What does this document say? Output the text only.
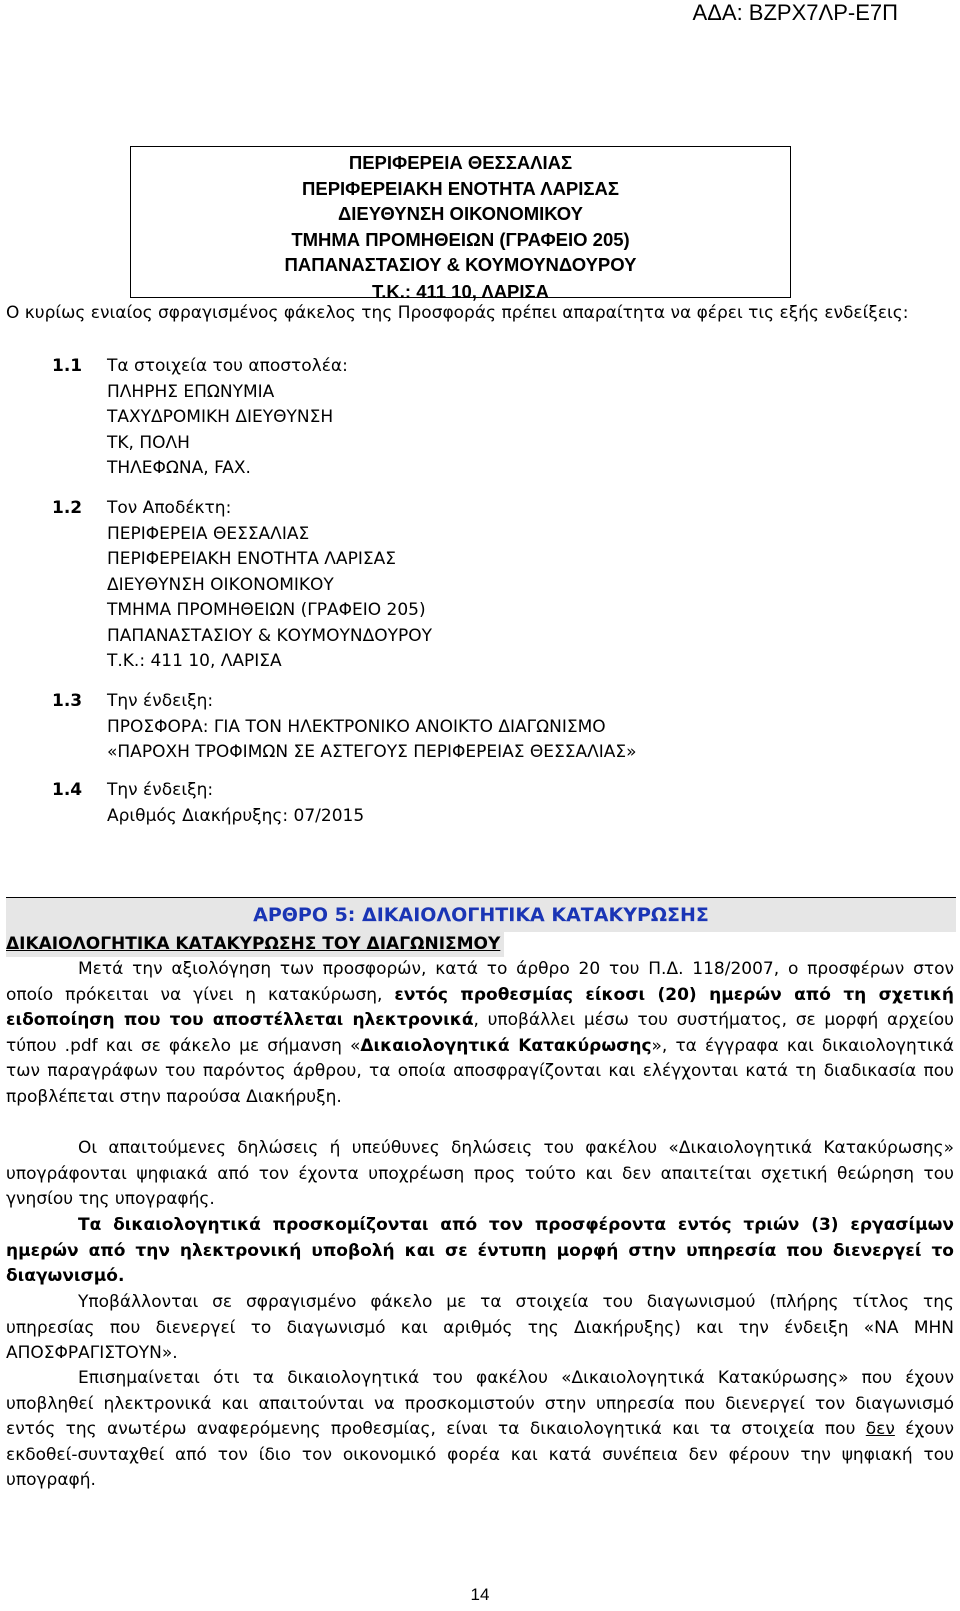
ΑΔΑ: ΒΖΡΧ7ΛΡ-Ε7Π
ΠΕΡΙΦΕΡΕΙΑ ΘΕΣΣΑΛΙΑΣ
ΠΕΡΙΦΕΡΕΙΑΚΗ ΕΝΟΤΗΤΑ ΛΑΡΙΣΑΣ
ΔΙΕΥΘΥΝΣΗ ΟΙΚΟΝΟΜΙΚΟΥ
ΤΜΗΜΑ ΠΡΟΜΗΘΕΙΩΝ (ΓΡΑΦΕΙΟ 205)
ΠΑΠΑΝΑΣΤΑΣΙΟΥ & ΚΟΥΜΟΥΝΔΟΥΡΟΥ
Τ.Κ.: 411 10, ΛΑΡΙΣΑ
Ο κυρίως ενιαίος σφραγισμένος φάκελος της Προσφοράς πρέπει απαραίτητα να φέρει τις εξής ενδείξεις:
1.1	Τα στοιχεία του αποστολέα:
ΠΛΗΡΗΣ ΕΠΩΝΥΜΙΑ
ΤΑΧΥΔΡΟΜΙΚΗ ΔΙΕΥΘΥΝΣΗ
ΤΚ, ΠΟΛΗ
ΤΗΛΕΦΩΝΑ, FAX.
1.2	Τον Αποδέκτη:
ΠΕΡΙΦΕΡΕΙΑ ΘΕΣΣΑΛΙΑΣ
ΠΕΡΙΦΕΡΕΙΑΚΗ ΕΝΟΤΗΤΑ ΛΑΡΙΣΑΣ
ΔΙΕΥΘΥΝΣΗ ΟΙΚΟΝΟΜΙΚΟΥ
ΤΜΗΜΑ ΠΡΟΜΗΘΕΙΩΝ (ΓΡΑΦΕΙΟ 205)
ΠΑΠΑΝΑΣΤΑΣΙΟΥ & ΚΟΥΜΟΥΝΔΟΥΡΟΥ
Τ.Κ.: 411 10, ΛΑΡΙΣΑ
1.3	Την ένδειξη:
ΠΡΟΣΦΟΡΑ: ΓΙΑ ΤΟΝ ΗΛΕΚΤΡΟΝΙΚΟ ΑΝΟΙΚΤΟ ΔΙΑΓΩΝΙΣΜΟ
«ΠΑΡΟΧΗ ΤΡΟΦΙΜΩΝ ΣΕ ΑΣΤΕΓΟΥΣ ΠΕΡΙΦΕΡΕΙΑΣ ΘΕΣΣΑΛΙΑΣ»
1.4	Την ένδειξη:
Αριθμός Διακήρυξης: 07/2015
ΑΡΘΡΟ 5: ΔΙΚΑΙΟΛΟΓΗΤΙΚΑ ΚΑΤΑΚΥΡΩΣΗΣ
ΔΙΚΑΙΟΛΟΓΗΤΙΚΑ ΚΑΤΑΚΥΡΩΣΗΣ ΤΟΥ ΔΙΑΓΩΝΙΣΜΟΥ
Μετά την αξιολόγηση των προσφορών, κατά το άρθρο 20 του Π.Δ. 118/2007, ο προσφέρων στον οποίο πρόκειται να γίνει η κατακύρωση, εντός προθεσμίας είκοσι (20) ημερών από τη σχετική ειδοποίηση που του αποστέλλεται ηλεκτρονικά, υποβάλλει μέσω του συστήματος, σε μορφή αρχείου τύπου .pdf και σε φάκελο με σήμανση «Δικαιολογητικά Κατακύρωσης», τα έγγραφα και δικαιολογητικά των παραγράφων του παρόντος άρθρου, τα οποία αποσφραγίζονται και ελέγχονται κατά τη διαδικασία που προβλέπεται στην παρούσα Διακήρυξη.
Οι απαιτούμενες δηλώσεις ή υπεύθυνες δηλώσεις του φακέλου «Δικαιολογητικά Κατακύρωσης» υπογράφονται ψηφιακά από τον έχοντα υποχρέωση προς τούτο και δεν απαιτείται σχετική θεώρηση του γνησίου της υπογραφής.
Τα δικαιολογητικά προσκομίζονται από τον προσφέροντα εντός τριών (3) εργασίμων ημερών από την ηλεκτρονική υποβολή και σε έντυπη μορφή στην υπηρεσία που διενεργεί το διαγωνισμό.
Υποβάλλονται σε σφραγισμένο φάκελο με τα στοιχεία του διαγωνισμού (πλήρης τίτλος της υπηρεσίας που διενεργεί το διαγωνισμό και αριθμός της Διακήρυξης) και την ένδειξη «ΝΑ ΜΗΝ ΑΠΟΣΦΡΑΓΙΣΤΟΥΝ».
Επισημαίνεται ότι τα δικαιολογητικά του φακέλου «Δικαιολογητικά Κατακύρωσης» που έχουν υποβληθεί ηλεκτρονικά και απαιτούνται να προσκομιστούν στην υπηρεσία που διενεργεί τον διαγωνισμό εντός της ανωτέρω αναφερόμενης προθεσμίας, είναι τα δικαιολογητικά και τα στοιχεία που δεν έχουν εκδοθεί-συνταχθεί από τον ίδιο τον οικονομικό φορέα και κατά συνέπεια δεν φέρουν την ψηφιακή του υπογραφή.
14
